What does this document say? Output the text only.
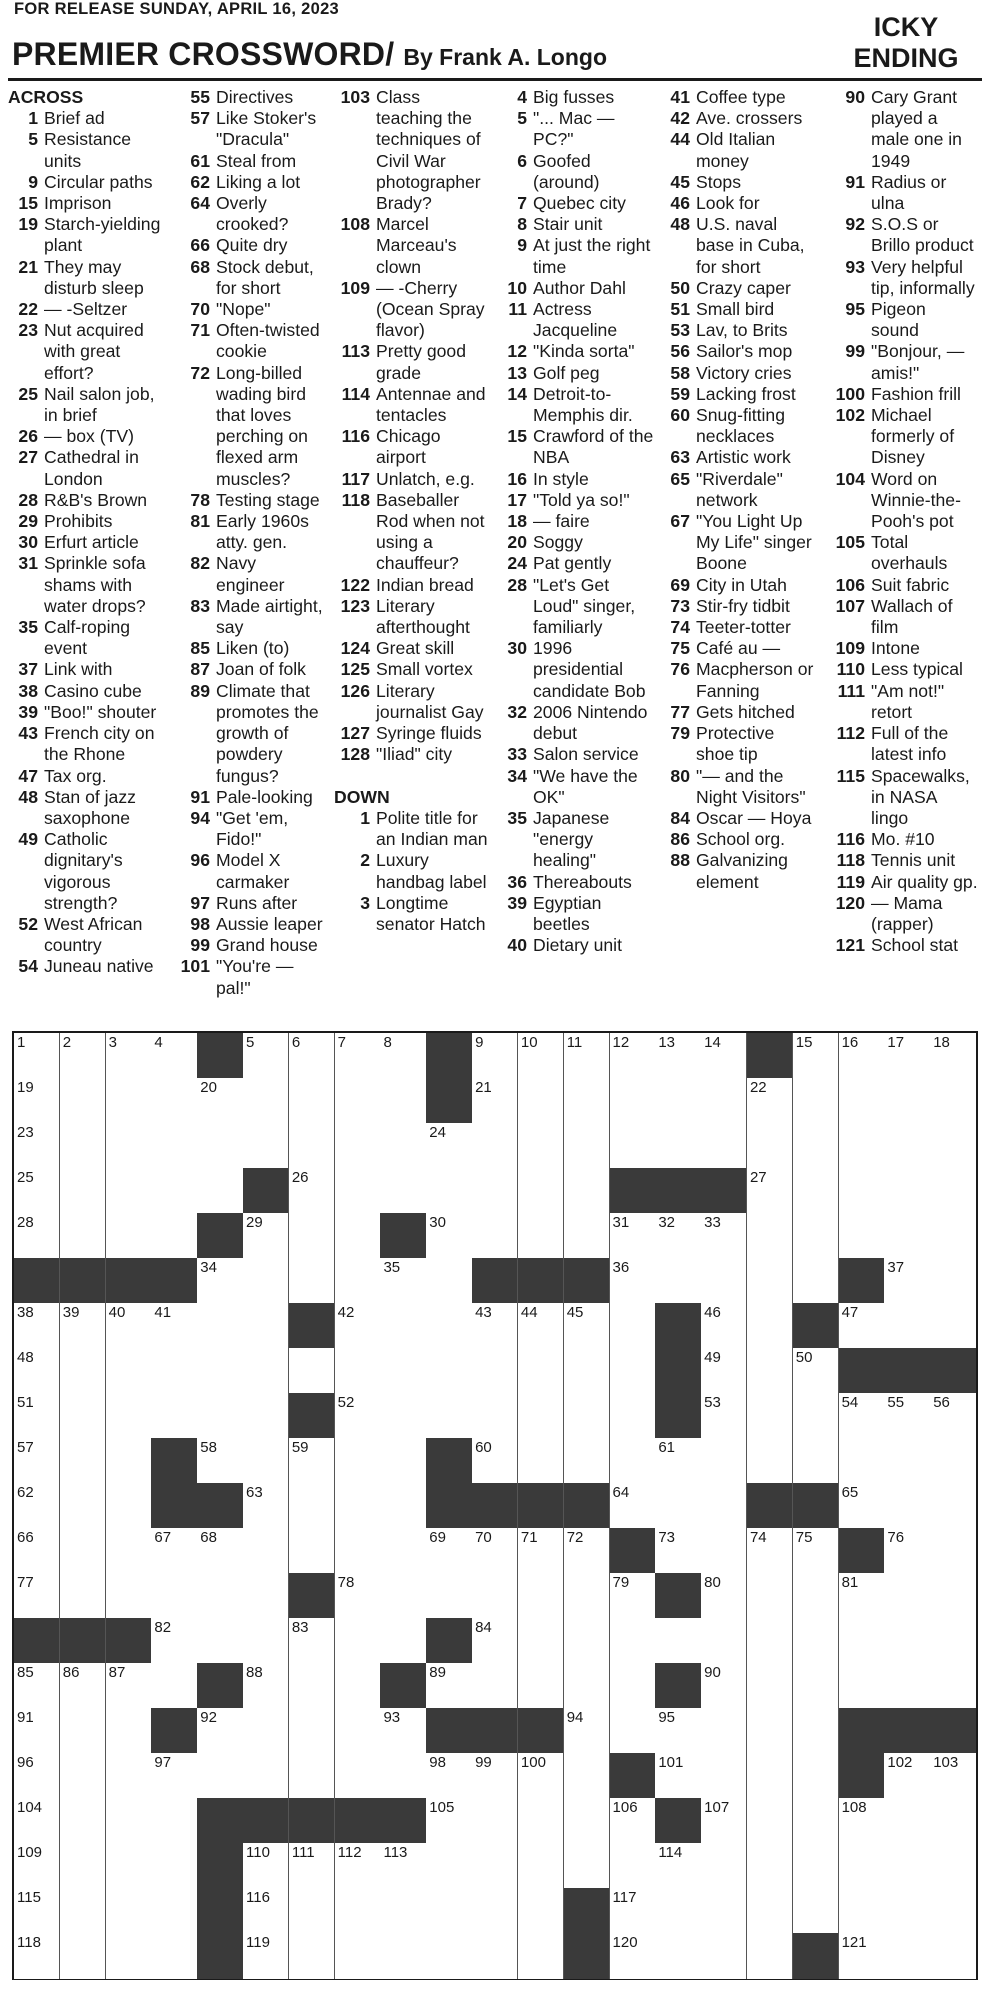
FOR RELEASE SUNDAY, APRIL 16, 2023
PREMIER CROSSWORD/ By Frank A. Longo
ICKY
ENDING
ACROSS
1 Brief ad
5 Resistance units
9 Circular paths
15 Imprison
19 Starch-yielding plant
21 They may disturb sleep
22 — -Seltzer
23 Nut acquired with great effort?
25 Nail salon job, in brief
26 — box (TV)
27 Cathedral in London
28 R&B's Brown
29 Prohibits
30 Erfurt article
31 Sprinkle sofa shams with water drops?
35 Calf-roping event
37 Link with
38 Casino cube
39 "Boo!" shouter
43 French city on the Rhone
47 Tax org.
48 Stan of jazz saxophone
49 Catholic dignitary's vigorous strength?
52 West African country
54 Juneau native
55 Directives
57 Like Stoker's "Dracula"
61 Steal from
62 Liking a lot
64 Overly crooked?
66 Quite dry
68 Stock debut, for short
70 "Nope"
71 Often-twisted cookie
72 Long-billed wading bird that loves perching on flexed arm muscles?
78 Testing stage
81 Early 1960s atty. gen.
82 Navy engineer
83 Made airtight, say
85 Liken (to)
87 Joan of folk
89 Climate that promotes the growth of powdery fungus?
91 Pale-looking
94 "Get 'em, Fido!"
96 Model X carmaker
97 Runs after
98 Aussie leaper
99 Grand house
101 "You're — pal!"
103 Class teaching the techniques of Civil War photographer Brady?
108 Marcel Marceau's clown
109 — -Cherry (Ocean Spray flavor)
113 Pretty good grade
114 Antennae and tentacles
116 Chicago airport
117 Unlatch, e.g.
118 Baseballer Rod when not using a chauffeur?
122 Indian bread
123 Literary afterthought
124 Great skill
125 Small vortex
126 Literary journalist Gay
127 Syringe fluids
128 "Iliad" city
DOWN
1 Polite title for an Indian man
2 Luxury handbag label
3 Longtime senator Hatch
4 Big fusses
5 "... Mac — PC?"
6 Goofed (around)
7 Quebec city
8 Stair unit
9 At just the right time
10 Author Dahl
11 Actress Jacqueline
12 "Kinda sorta"
13 Golf peg
14 Detroit-to-Memphis dir.
15 Crawford of the NBA
16 In style
17 "Told ya so!"
18 — faire
20 Soggy
24 Pat gently
28 "Let's Get Loud" singer, familiarly
30 1996 presidential candidate Bob
32 2006 Nintendo debut
33 Salon service
34 "We have the OK"
35 Japanese "energy healing"
36 Thereabouts
39 Egyptian beetles
40 Dietary unit
41 Coffee type
42 Ave. crossers
44 Old Italian money
45 Stops
46 Look for
48 U.S. naval base in Cuba, for short
50 Crazy caper
51 Small bird
53 Lav, to Brits
56 Sailor's mop
58 Victory cries
59 Lacking frost
60 Snug-fitting necklaces
63 Artistic work
65 "Riverdale" network
67 "You Light Up My Life" singer Boone
69 City in Utah
73 Stir-fry tidbit
74 Teeter-totter
75 Café au —
76 Macpherson or Fanning
77 Gets hitched
79 Protective shoe tip
80 "— and the Night Visitors"
84 Oscar — Hoya
86 School org.
88 Galvanizing element
90 Cary Grant played a male one in 1949
91 Radius or ulna
92 S.O.S or Brillo product
93 Very helpful tip, informally
95 Pigeon sound
99 "Bonjour, — amis!"
100 Fashion frill
102 Michael formerly of Disney
104 Word on Winnie-the-Pooh's pot
105 Total overhauls
106 Suit fabric
107 Wallach of film
109 Intone
110 Less typical
111 "Am not!" retort
112 Full of the latest info
115 Spacewalks, in NASA lingo
116 Mo. #10
118 Tennis unit
119 Air quality gp.
120 — Mama (rapper)
121 School stat
1 2 3 4	5 6 7 8	9 10 11 12 13 14	15 16 17 18
19	20	21	22
23	24
25	26	27
28	29	30	31 32 33
34	35	36	37
38 39 40 41	42	43 44 45	46	47
48	49	50
51	52	53	54 55 56
57	58	59	60	61
62	63	64	65
66	67 68	69 70 71 72	73	74 75	76
77	78	79	80	81
82	83	84
85 86 87	88	89	90
91	92	93	94	95
96	97	98 99 100	101	102 103
104	105	106	107	108
109	110 111 112 113	114
115	116	117
118	119	120	121
